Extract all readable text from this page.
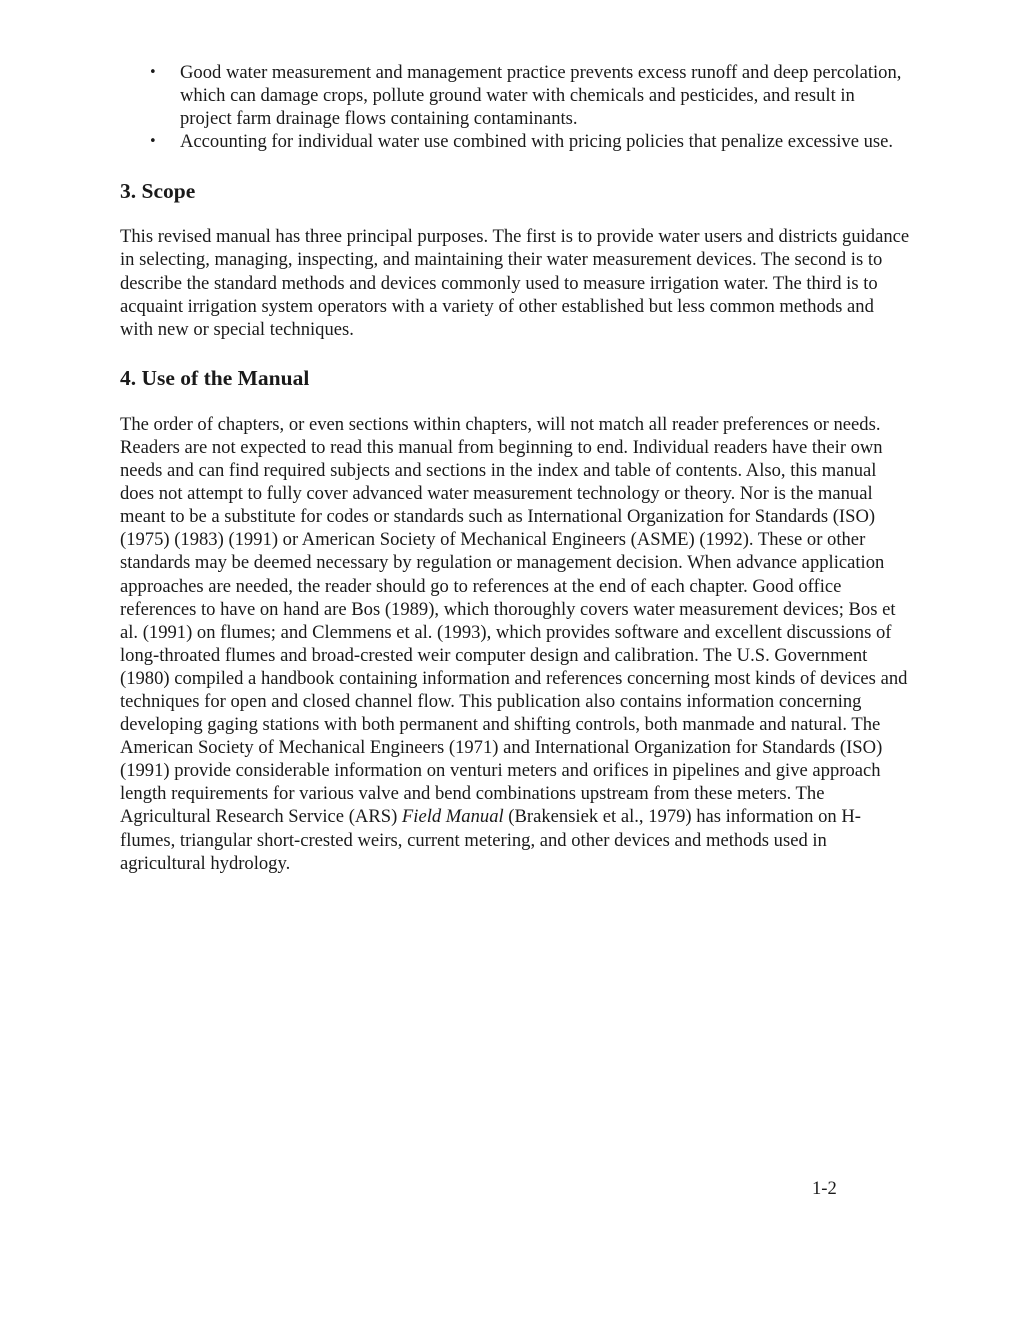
• Good water measurement and management practice prevents excess runoff and deep percolation, which can damage crops, pollute ground water with chemicals and pesticides, and result in project farm drainage flows containing contaminants.
• Accounting for individual water use combined with pricing policies that penalize excessive use.
3. Scope

This revised manual has three principal purposes. The first is to provide water users and districts guidance in selecting, managing, inspecting, and maintaining their water measurement devices. The second is to describe the standard methods and devices commonly used to measure irrigation water. The third is to acquaint irrigation system operators with a variety of other established but less common methods and with new or special techniques.

4. Use of the Manual

The order of chapters, or even sections within chapters, will not match all reader preferences or needs. Readers are not expected to read this manual from beginning to end. Individual readers have their own needs and can find required subjects and sections in the index and table of contents. Also, this manual does not attempt to fully cover advanced water measurement technology or theory. Nor is the manual meant to be a substitute for codes or standards such as International Organization for Standards (ISO) (1975) (1983) (1991) or American Society of Mechanical Engineers (ASME) (1992). These or other standards may be deemed necessary by regulation or management decision. When advance application approaches are needed, the reader should go to references at the end of each chapter. Good office references to have on hand are Bos (1989), which thoroughly covers water measurement devices; Bos et al. (1991) on flumes; and Clemmens et al. (1993), which provides software and excellent discussions of long-throated flumes and broad-crested weir computer design and calibration. The U.S. Government (1980) compiled a handbook containing information and references concerning most kinds of devices and techniques for open and closed channel flow. This publication also contains information concerning developing gaging stations with both permanent and shifting controls, both manmade and natural. The American Society of Mechanical Engineers (1971) and International Organization for Standards (ISO) (1991) provide considerable information on venturi meters and orifices in pipelines and give approach length requirements for various valve and bend combinations upstream from these meters. The Agricultural Research Service (ARS) Field Manual (Brakensiek et al., 1979) has information on H-flumes, triangular short-crested weirs, current metering, and other devices and methods used in agricultural hydrology.

1-2
